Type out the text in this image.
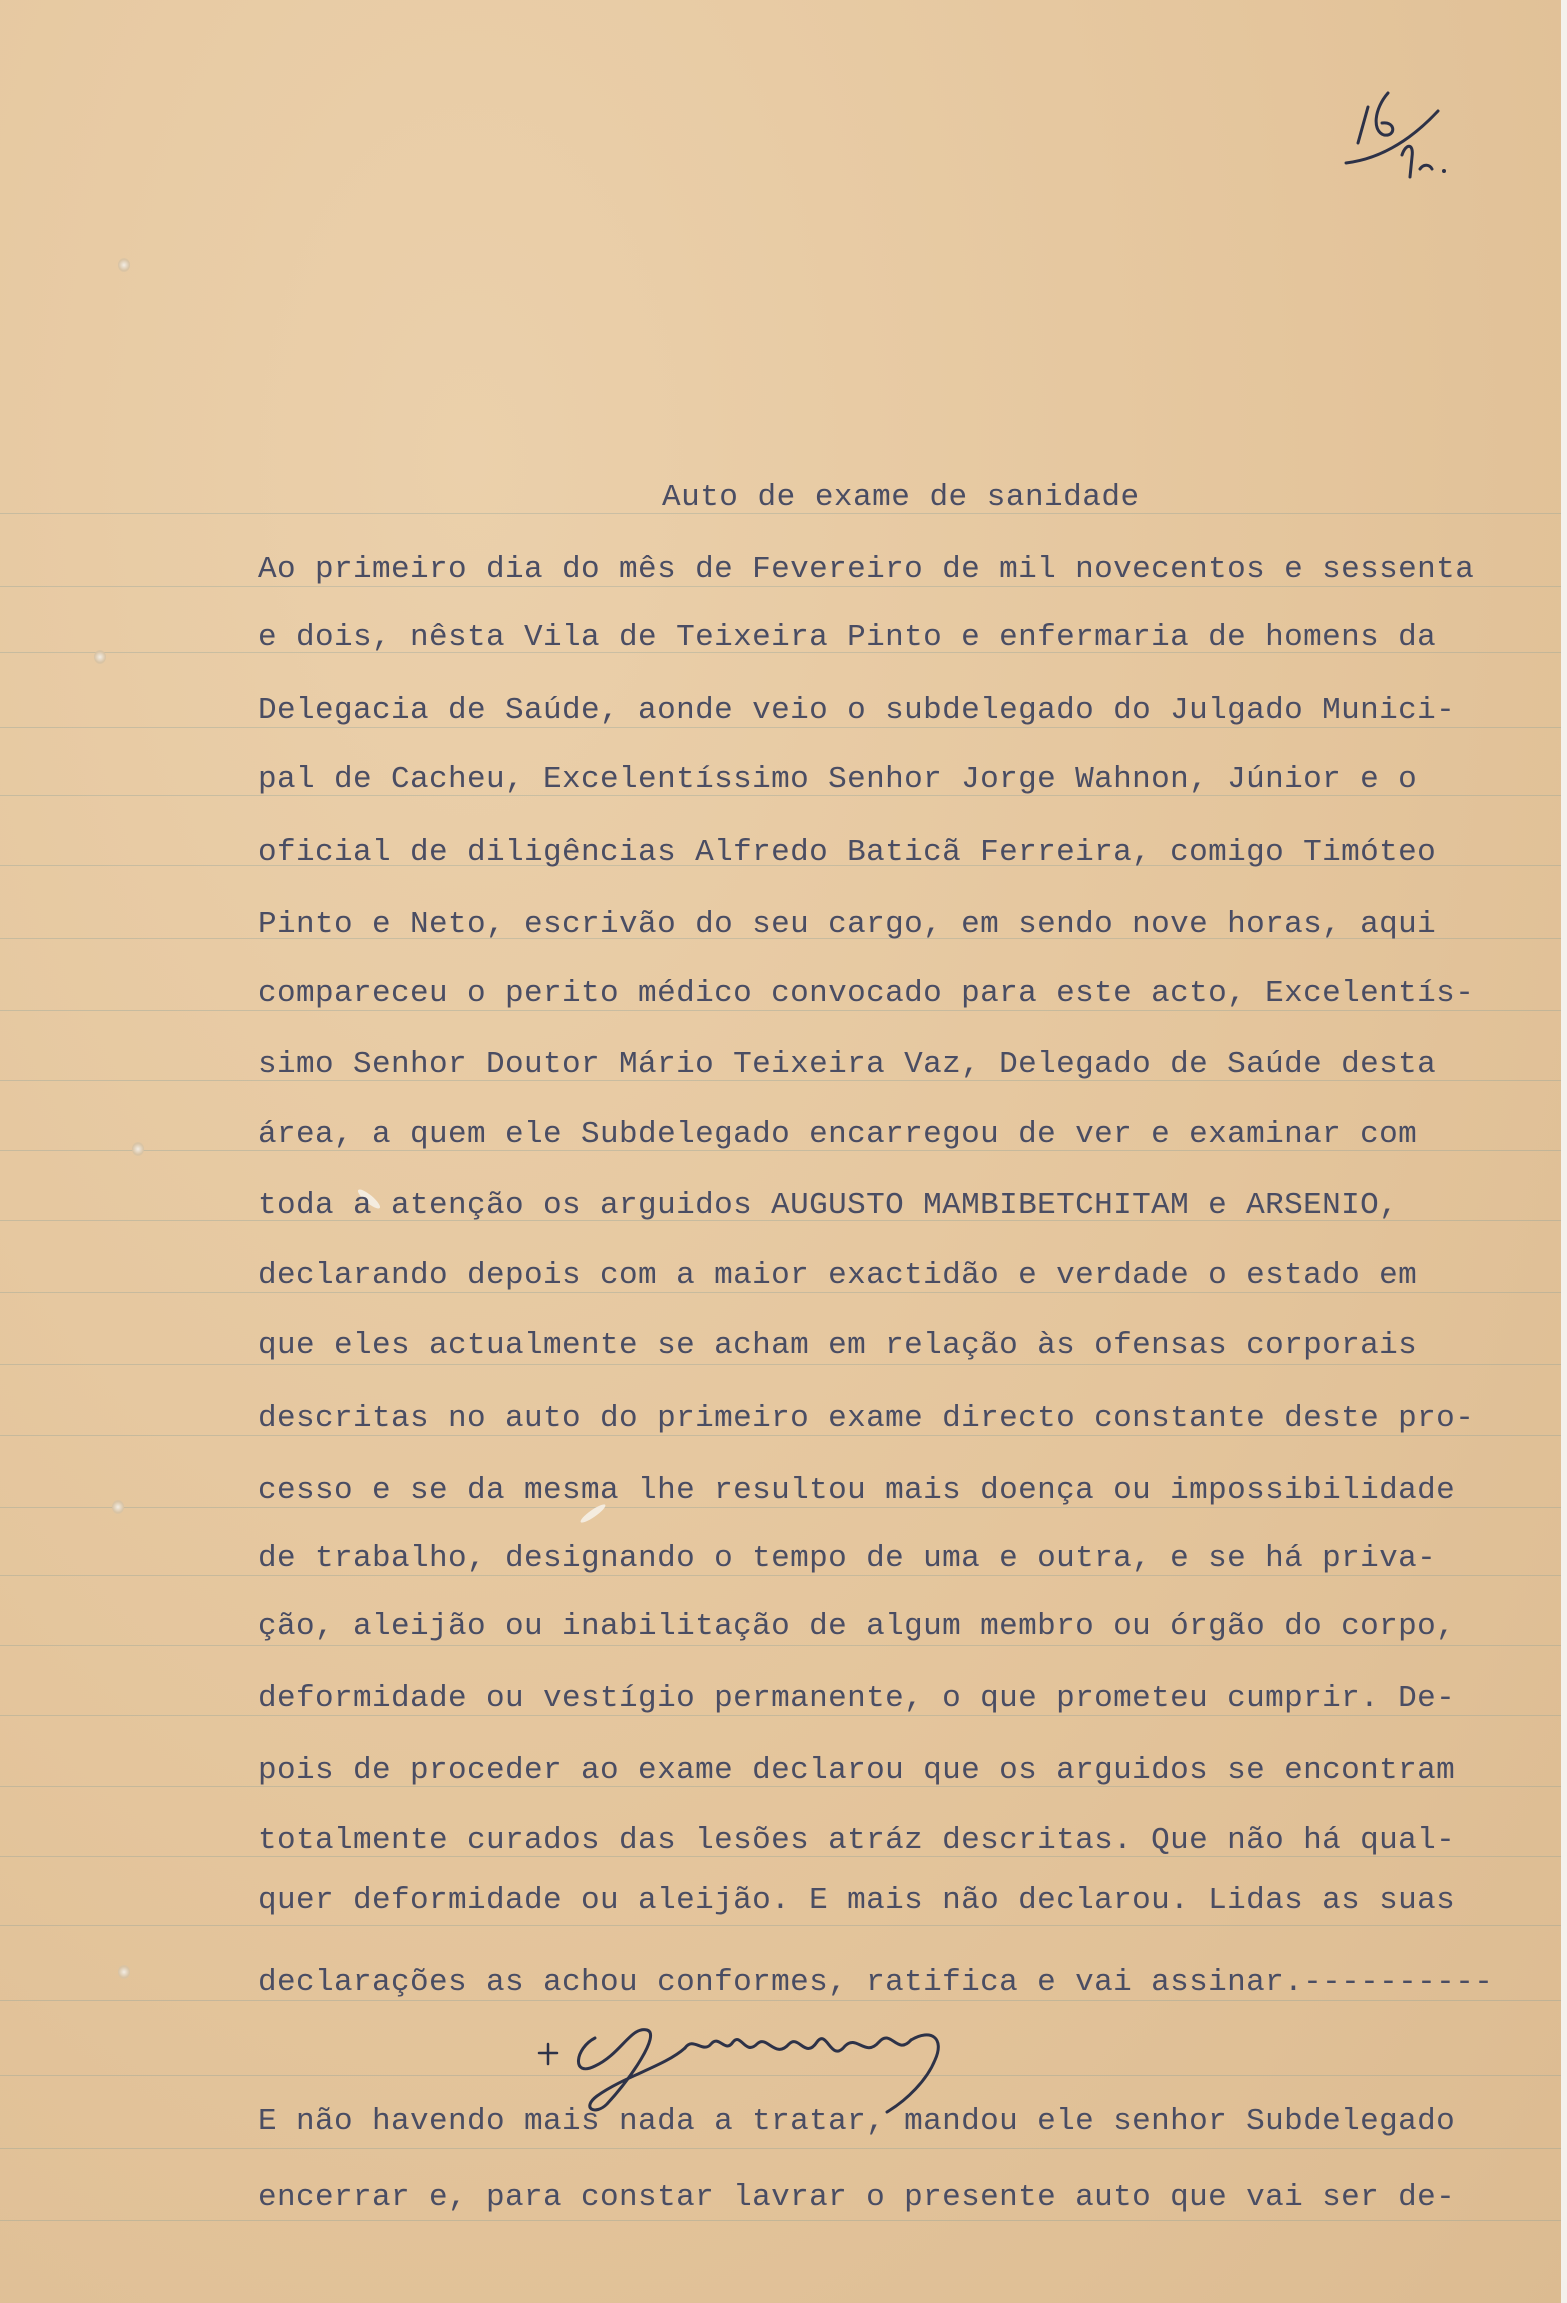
Auto de exame de sanidade
Ao primeiro dia do mês de Fevereiro de mil novecentos e sessenta
e dois, nêsta Vila de Teixeira Pinto e enfermaria de homens da
Delegacia de Saúde, aonde veio o subdelegado do Julgado Munici-
pal de Cacheu, Excelentíssimo Senhor Jorge Wahnon, Júnior e o
oficial de diligências Alfredo Baticã Ferreira, comigo Timóteo
Pinto e Neto, escrivão do seu cargo, em sendo nove horas, aqui
compareceu o perito médico convocado para este acto, Excelentís-
simo Senhor Doutor Mário Teixeira Vaz, Delegado de Saúde desta
área, a quem ele Subdelegado encarregou de ver e examinar com
toda a atenção os arguidos AUGUSTO MAMBIBETCHITAM e ARSENIO,
declarando depois com a maior exactidão e verdade o estado em
que eles actualmente se acham em relação às ofensas corporais
descritas no auto do primeiro exame directo constante deste pro-
cesso e se da mesma lhe resultou mais doença ou impossibilidade
de trabalho, designando o tempo de uma e outra, e se há priva-
ção, aleijão ou inabilitação de algum membro ou órgão do corpo,
deformidade ou vestígio permanente, o que prometeu cumprir. De-
pois de proceder ao exame declarou que os arguidos se encontram
totalmente curados das lesões atráz descritas. Que não há qual-
quer deformidade ou aleijão. E mais não declarou. Lidas as suas
declarações as achou conformes, ratifica e vai assinar.----------
E não havendo mais nada a tratar, mandou ele senhor Subdelegado
encerrar e, para constar lavrar o presente auto que vai ser de-
